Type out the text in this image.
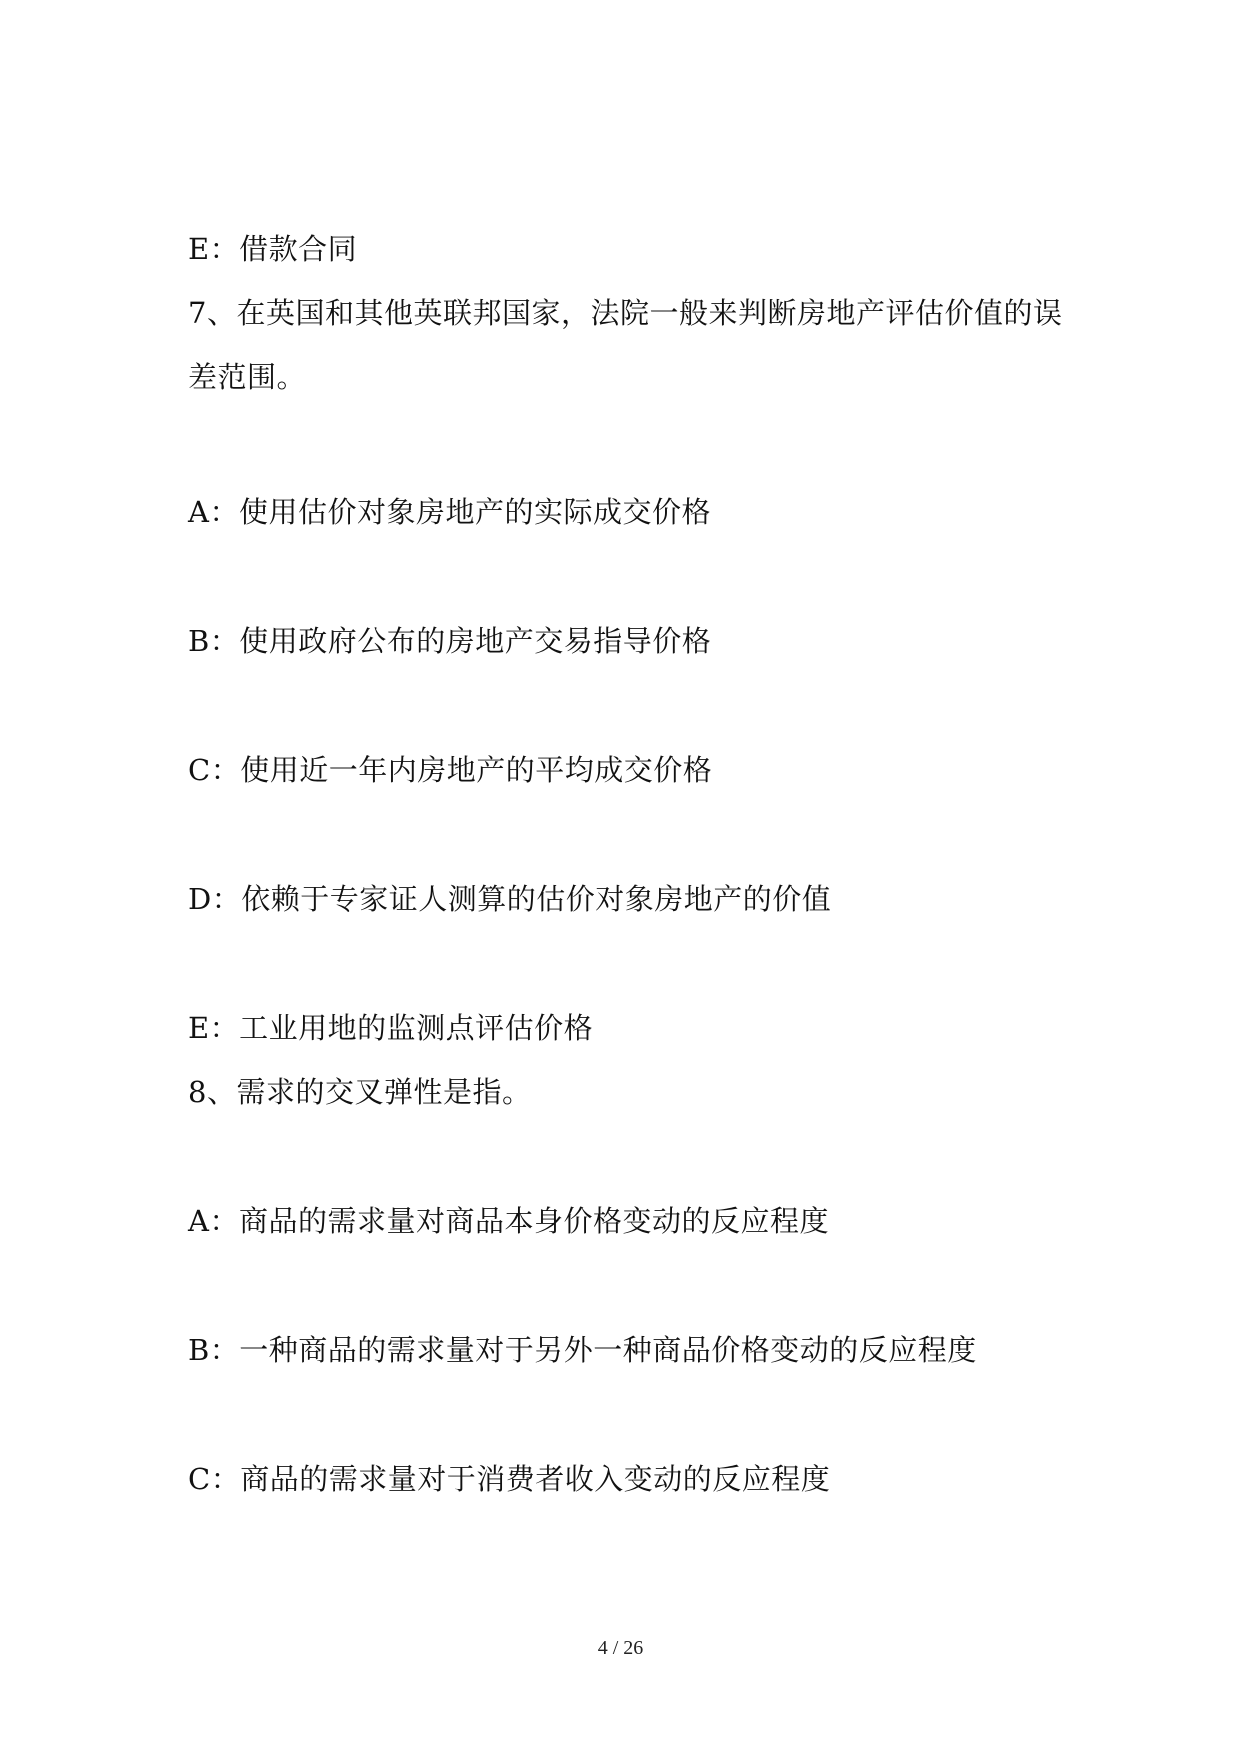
E：借款合同
7、在英国和其他英联邦国家，法院一般来判断房地产评估价值的误
差范围。
A：使用估价对象房地产的实际成交价格
B：使用政府公布的房地产交易指导价格
C：使用近一年内房地产的平均成交价格
D：依赖于专家证人测算的估价对象房地产的价值
E：工业用地的监测点评估价格
8、需求的交叉弹性是指。
A：商品的需求量对商品本身价格变动的反应程度
B：一种商品的需求量对于另外一种商品价格变动的反应程度
C：商品的需求量对于消费者收入变动的反应程度
4 / 26
